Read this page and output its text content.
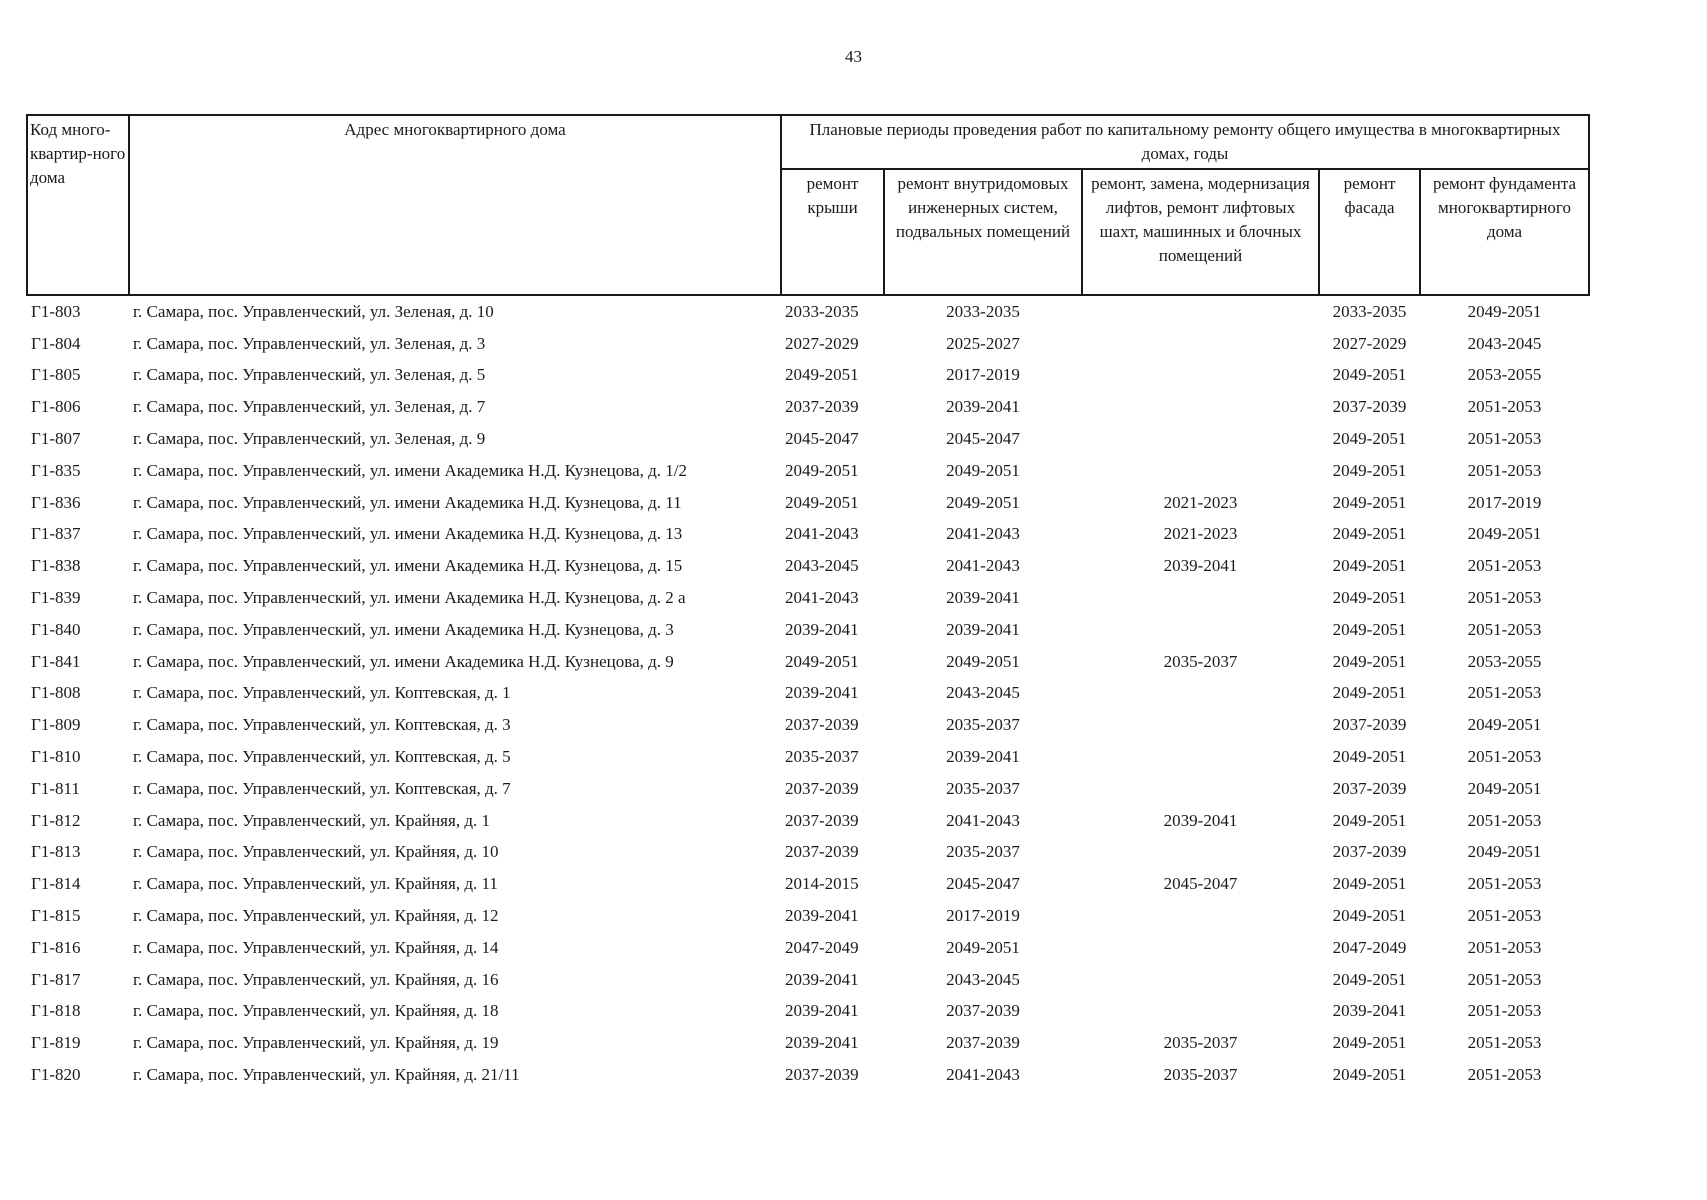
43
Код много-квартир-ного дома	Адрес многоквартирного дома	Плановые периоды проведения работ по капитальному ремонту общего имущества в многоквартирных домах, годы				
		ремонт крыши	ремонт внутридомовых инженерных систем, подвальных помещений	ремонт, замена, модернизация лифтов, ремонт лифтовых шахт, машинных и блочных помещений	ремонт фасада	ремонт фундамента многоквартирного дома
Г1-803	г. Самара, пос. Управленческий, ул. Зеленая, д. 10	2033-2035	2033-2035		2033-2035	2049-2051
Г1-804	г. Самара, пос. Управленческий, ул. Зеленая, д. 3	2027-2029	2025-2027		2027-2029	2043-2045
Г1-805	г. Самара, пос. Управленческий, ул. Зеленая, д. 5	2049-2051	2017-2019		2049-2051	2053-2055
Г1-806	г. Самара, пос. Управленческий, ул. Зеленая, д. 7	2037-2039	2039-2041		2037-2039	2051-2053
Г1-807	г. Самара, пос. Управленческий, ул. Зеленая, д. 9	2045-2047	2045-2047		2049-2051	2051-2053
Г1-835	г. Самара, пос. Управленческий, ул. имени Академика Н.Д. Кузнецова, д. 1/2	2049-2051	2049-2051		2049-2051	2051-2053
Г1-836	г. Самара, пос. Управленческий, ул. имени Академика Н.Д. Кузнецова, д. 11	2049-2051	2049-2051	2021-2023	2049-2051	2017-2019
Г1-837	г. Самара, пос. Управленческий, ул. имени Академика Н.Д. Кузнецова, д. 13	2041-2043	2041-2043	2021-2023	2049-2051	2049-2051
Г1-838	г. Самара, пос. Управленческий, ул. имени Академика Н.Д. Кузнецова, д. 15	2043-2045	2041-2043	2039-2041	2049-2051	2051-2053
Г1-839	г. Самара, пос. Управленческий, ул. имени Академика Н.Д. Кузнецова, д. 2 а	2041-2043	2039-2041		2049-2051	2051-2053
Г1-840	г. Самара, пос. Управленческий, ул. имени Академика Н.Д. Кузнецова, д. 3	2039-2041	2039-2041		2049-2051	2051-2053
Г1-841	г. Самара, пос. Управленческий, ул. имени Академика Н.Д. Кузнецова, д. 9	2049-2051	2049-2051	2035-2037	2049-2051	2053-2055
Г1-808	г. Самара, пос. Управленческий, ул. Коптевская, д. 1	2039-2041	2043-2045		2049-2051	2051-2053
Г1-809	г. Самара, пос. Управленческий, ул. Коптевская, д. 3	2037-2039	2035-2037		2037-2039	2049-2051
Г1-810	г. Самара, пос. Управленческий, ул. Коптевская, д. 5	2035-2037	2039-2041		2049-2051	2051-2053
Г1-811	г. Самара, пос. Управленческий, ул. Коптевская, д. 7	2037-2039	2035-2037		2037-2039	2049-2051
Г1-812	г. Самара, пос. Управленческий, ул. Крайняя, д. 1	2037-2039	2041-2043	2039-2041	2049-2051	2051-2053
Г1-813	г. Самара, пос. Управленческий, ул. Крайняя, д. 10	2037-2039	2035-2037		2037-2039	2049-2051
Г1-814	г. Самара, пос. Управленческий, ул. Крайняя, д. 11	2014-2015	2045-2047	2045-2047	2049-2051	2051-2053
Г1-815	г. Самара, пос. Управленческий, ул. Крайняя, д. 12	2039-2041	2017-2019		2049-2051	2051-2053
Г1-816	г. Самара, пос. Управленческий, ул. Крайняя, д. 14	2047-2049	2049-2051		2047-2049	2051-2053
Г1-817	г. Самара, пос. Управленческий, ул. Крайняя, д. 16	2039-2041	2043-2045		2049-2051	2051-2053
Г1-818	г. Самара, пос. Управленческий, ул. Крайняя, д. 18	2039-2041	2037-2039		2039-2041	2051-2053
Г1-819	г. Самара, пос. Управленческий, ул. Крайняя, д. 19	2039-2041	2037-2039	2035-2037	2049-2051	2051-2053
Г1-820	г. Самара, пос. Управленческий, ул. Крайняя, д. 21/11	2037-2039	2041-2043	2035-2037	2049-2051	2051-2053
